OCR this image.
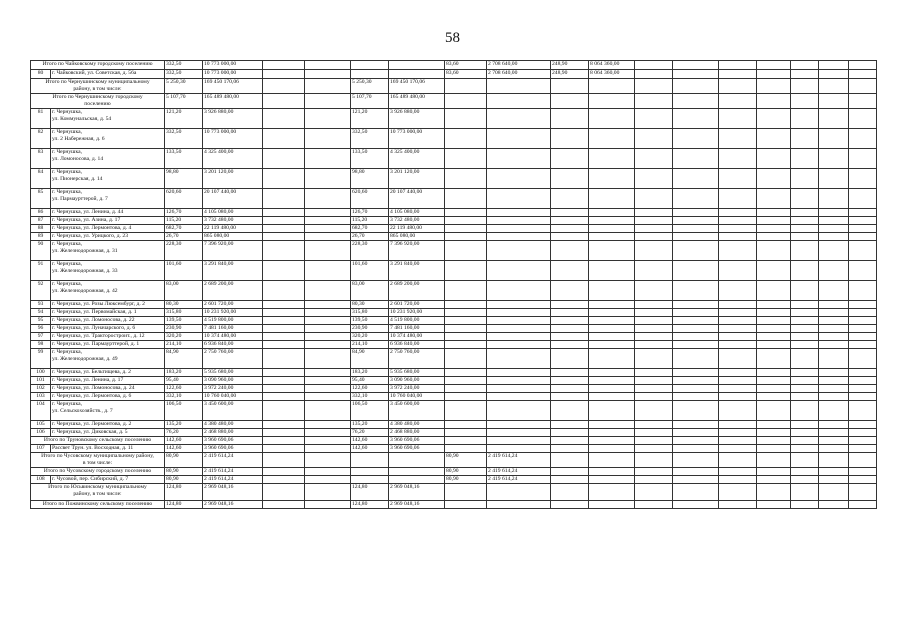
58
Итого по Чайковскому городскому поселению		332,50	10 773 000,00					83,60	2 708 640,00	248,90	8 064 360,00							
80	г. Чайковский, ул. Советская, д. 56а	332,50	10 773 000,00					83,60	2 708 640,00	248,90	8 064 360,00							
Итого по Чернушинскому муниципальному
району, в том числе:		5 250,30	169 450 170,06			5 250,30	169 450 170,06											
Итого по Чернушинскому городскому
поселению		5 107,70	165 489 480,00			5 107,70	165 489 480,00											
81	г. Чернушка,
ул. Коммунальская, д. 54	121,20	3 926 880,00			121,20	3 926 880,00											
82	г. Чернушка,
ул. 2 Набережная, д. 6	332,50	10 773 000,00			332,50	10 773 000,00											
83	г. Чернушка,
ул. Ломоносова, д. 14	133,50	4 325 400,00			133,50	4 325 400,00											
84	г. Чернушка,
ул. Пионерская, д. 14	98,80	3 201 120,00			98,80	3 201 120,00											
85	г. Чернушка,
ул. Пармаурттерой, д. 7	620,60	20 107 440,00			620,60	20 107 440,00											
86	г. Чернушка, ул. Ленина, д. 44	126,70	4 105 080,00			126,70	4 105 080,00											
87	г. Чернушка, ул. Азина, д. 17	115,20	3 732 480,00			115,20	3 732 480,00											
88	г. Чернушка, ул. Лермонтова, д. 4	682,70	22 119 480,00			682,70	22 119 480,00											
89	г. Чернушка, ул. Урицкого, д. 23	26,70	865 080,00			26,70	865 080,00											
90	г. Чернушка,
ул. Железнодорожная, д. 31	228,30	7 396 920,00			228,30	7 396 920,00											
91	г. Чернушка,
ул. Железнодорожная, д. 33	101,60	3 291 840,00			101,60	3 291 840,00											
92	г. Чернушка,
ул. Железнодорожная, д. 42	83,00	2 689 200,00			83,00	2 689 200,00											
93	г. Чернушка, ул. Розы Люксембург, д. 2	80,30	2 601 720,00			80,30	2 601 720,00											
94	г. Чернушка, ул. Первомайская, д. 1	315,80	10 231 920,00			315,80	10 231 920,00											
95	г. Чернушка, ул. Ломоносова, д. 22	139,50	4 519 800,00			139,50	4 519 800,00											
96	г. Чернушка, ул. Луначарского, д. 6	230,90	7 481 160,00			230,90	7 481 160,00											
97	г. Чернушка, ул. Тракторостроит., д. 12	320,20	10 374 480,00			320,20	10 374 480,00											
98	г. Чернушка, ул. Пармаурттерой, д. 1	214,10	6 936 840,00			214,10	6 936 840,00											
99	г. Чернушка,
ул. Железнодорожная, д. 49	84,90	2 750 760,00			84,90	2 750 760,00											
100	г. Чернушка, ул. Бельтищева, д. 2	183,20	5 935 680,00			183,20	5 935 680,00											
101	г. Чернушка, ул. Ленина, д. 17	95,40	3 090 960,00			95,40	3 090 960,00											
102	г. Чернушка, ул. Ломоносова, д. 24	122,60	3 972 240,00			122,60	3 972 240,00											
103	г. Чернушка, ул. Лермонтова, д. 6	332,10	10 760 040,00			332,10	10 760 040,00											
104	г. Чернушка,
ул. Сельскохозяйств., д. 7	106,50	3 450 600,00			106,50	3 450 600,00											
105	г. Чернушка, ул. Лермонтова, д. 2	135,20	4 380 480,00			135,20	4 380 480,00											
106	г. Чернушка, ул. Диковская, д. 5	76,20	2 468 880,00			76,20	2 468 880,00											
Итого по Труновскому сельскому поселению		142,60	3 960 690,06			142,60	3 960 690,06											
107	Рассвет Трун. ул. Восходная, д. 11	142,60	3 960 690,06			142,60	3 960 690,06											
Итого по Чусовскому муниципальному району,
в том числе:		80,90	2 419 614,24					80,90	2 419 614,24									
Итого по Чусовскому городскому поселению		80,90	2 419 614,24					80,90	2 419 614,24									
108	г. Чусовой, пер. Сибирский, д. 7	80,90	2 419 614,24					80,90	2 419 614,24									
Итого по Юсьвинскому муниципальному
району, в том числе:		124,80	2 969 048,16			124,80	2 969 048,16											
Итого по Пожвинскому сельскому поселению		124,80	2 969 048,16			124,80	2 969 048,16											
